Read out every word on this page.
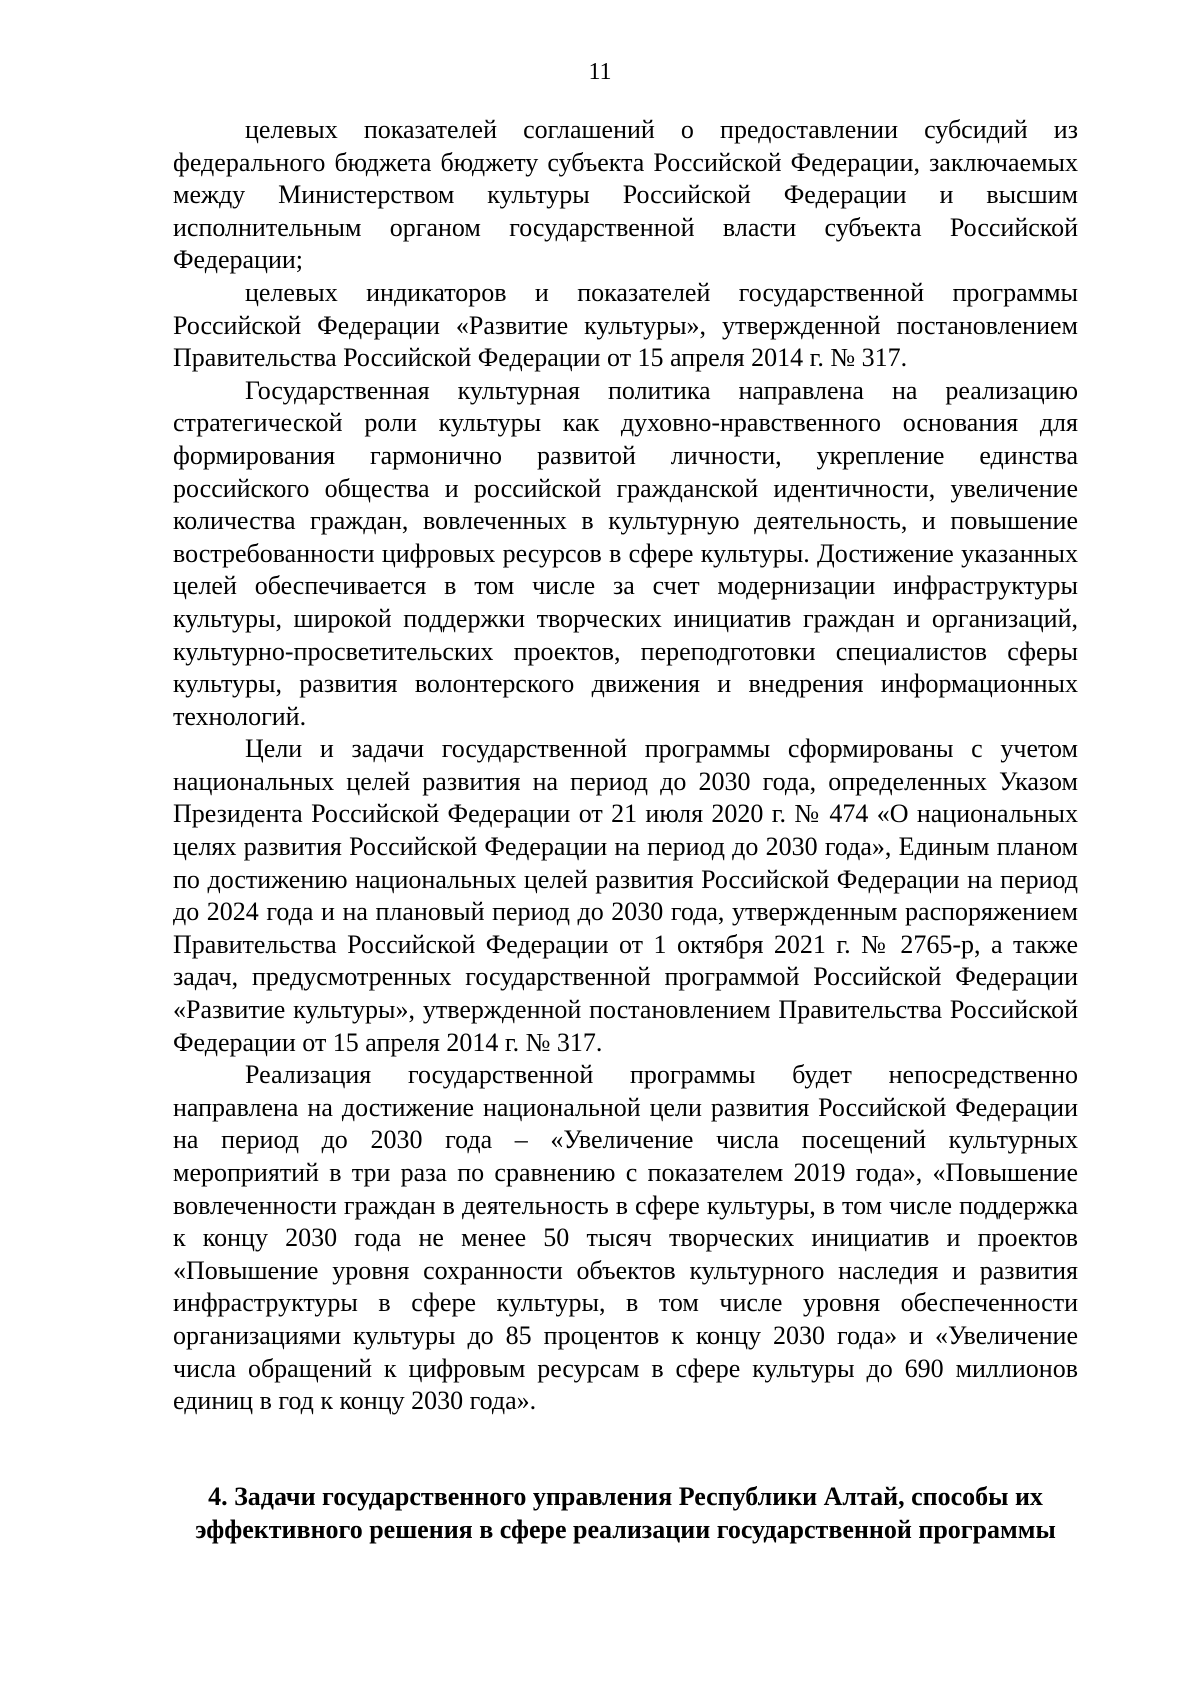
11

целевых показателей соглашений о предоставлении субсидий из федерального бюджета бюджету субъекта Российской Федерации, заключаемых между Министерством культуры Российской Федерации и высшим исполнительным органом государственной власти субъекта Российской Федерации;

целевых индикаторов и показателей государственной программы Российской Федерации «Развитие культуры», утвержденной постановлением Правительства Российской Федерации от 15 апреля 2014 г. № 317.

Государственная культурная политика направлена на реализацию стратегической роли культуры как духовно-нравственного основания для формирования гармонично развитой личности, укрепление единства российского общества и российской гражданской идентичности, увеличение количества граждан, вовлеченных в культурную деятельность, и повышение востребованности цифровых ресурсов в сфере культуры. Достижение указанных целей обеспечивается в том числе за счет модернизации инфраструктуры культуры, широкой поддержки творческих инициатив граждан и организаций, культурно-просветительских проектов, переподготовки специалистов сферы культуры, развития волонтерского движения и внедрения информационных технологий.

Цели и задачи государственной программы сформированы с учетом национальных целей развития на период до 2030 года, определенных Указом Президента Российской Федерации от 21 июля 2020 г. № 474 «О национальных целях развития Российской Федерации на период до 2030 года», Единым планом по достижению национальных целей развития Российской Федерации на период до 2024 года и на плановый период до 2030 года, утвержденным распоряжением Правительства Российской Федерации от 1 октября 2021 г. № 2765-р, а также задач, предусмотренных государственной программой Российской Федерации «Развитие культуры», утвержденной постановлением Правительства Российской Федерации от 15 апреля 2014 г. № 317.

Реализация государственной программы будет непосредственно направлена на достижение национальной цели развития Российской Федерации на период до 2030 года – «Увеличение числа посещений культурных мероприятий в три раза по сравнению с показателем 2019 года», «Повышение вовлеченности граждан в деятельность в сфере культуры, в том числе поддержка к концу 2030 года не менее 50 тысяч творческих инициатив и проектов «Повышение уровня сохранности объектов культурного наследия и развития инфраструктуры в сфере культуры, в том числе уровня обеспеченности организациями культуры до 85 процентов к концу 2030 года» и «Увеличение числа обращений к цифровым ресурсам в сфере культуры до 690 миллионов единиц в год к концу 2030 года».

4. Задачи государственного управления Республики Алтай, способы их
эффективного решения в сфере реализации государственной программы
